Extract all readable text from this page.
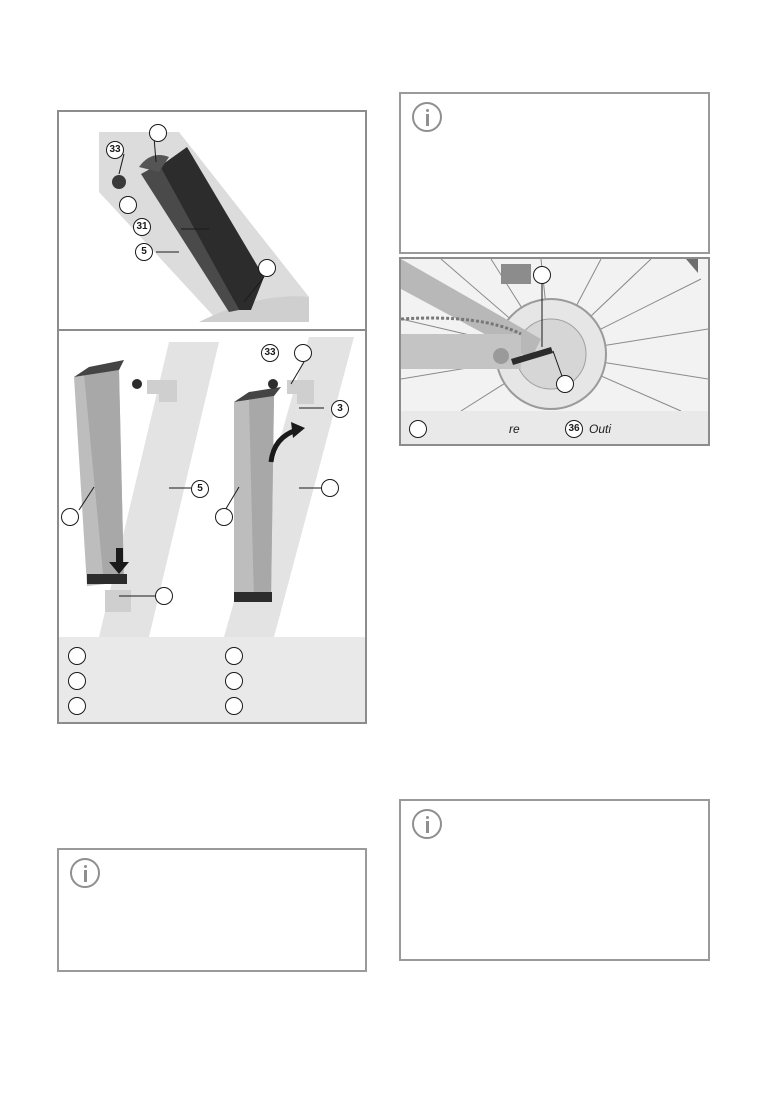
33
31
5
33
3
5
re	36 Outi
